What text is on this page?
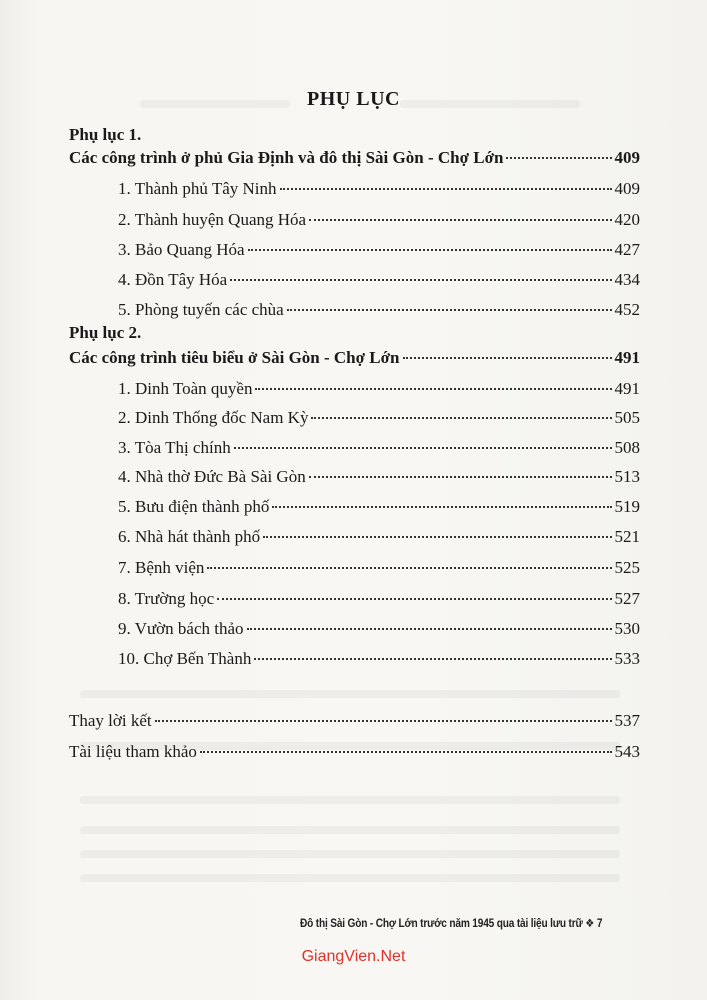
PHỤ LỤC
Phụ lục 1.
Các công trình ở phủ Gia Định và đô thị Sài Gòn - Chợ Lớn	409
1. Thành phủ Tây Ninh	409
2. Thành huyện Quang Hóa	420
3. Bảo Quang Hóa	427
4. Đồn Tây Hóa	434
5. Phòng tuyến các chùa	452
Phụ lục 2.
Các công trình tiêu biểu ở Sài Gòn - Chợ Lớn	491
1. Dinh Toàn quyền	491
2. Dinh Thống đốc Nam Kỳ	505
3. Tòa Thị chính	508
4. Nhà thờ Đức Bà Sài Gòn	513
5. Bưu điện thành phố	519
6. Nhà hát thành phố	521
7. Bệnh viện	525
8. Trường học	527
9. Vườn bách thảo	530
10. Chợ Bến Thành	533
Thay lời kết	537
Tài liệu tham khảo	543
Đô thị Sài Gòn - Chợ Lớn trước năm 1945 qua tài liệu lưu trữ ❖ 7
GiangVien.Net
